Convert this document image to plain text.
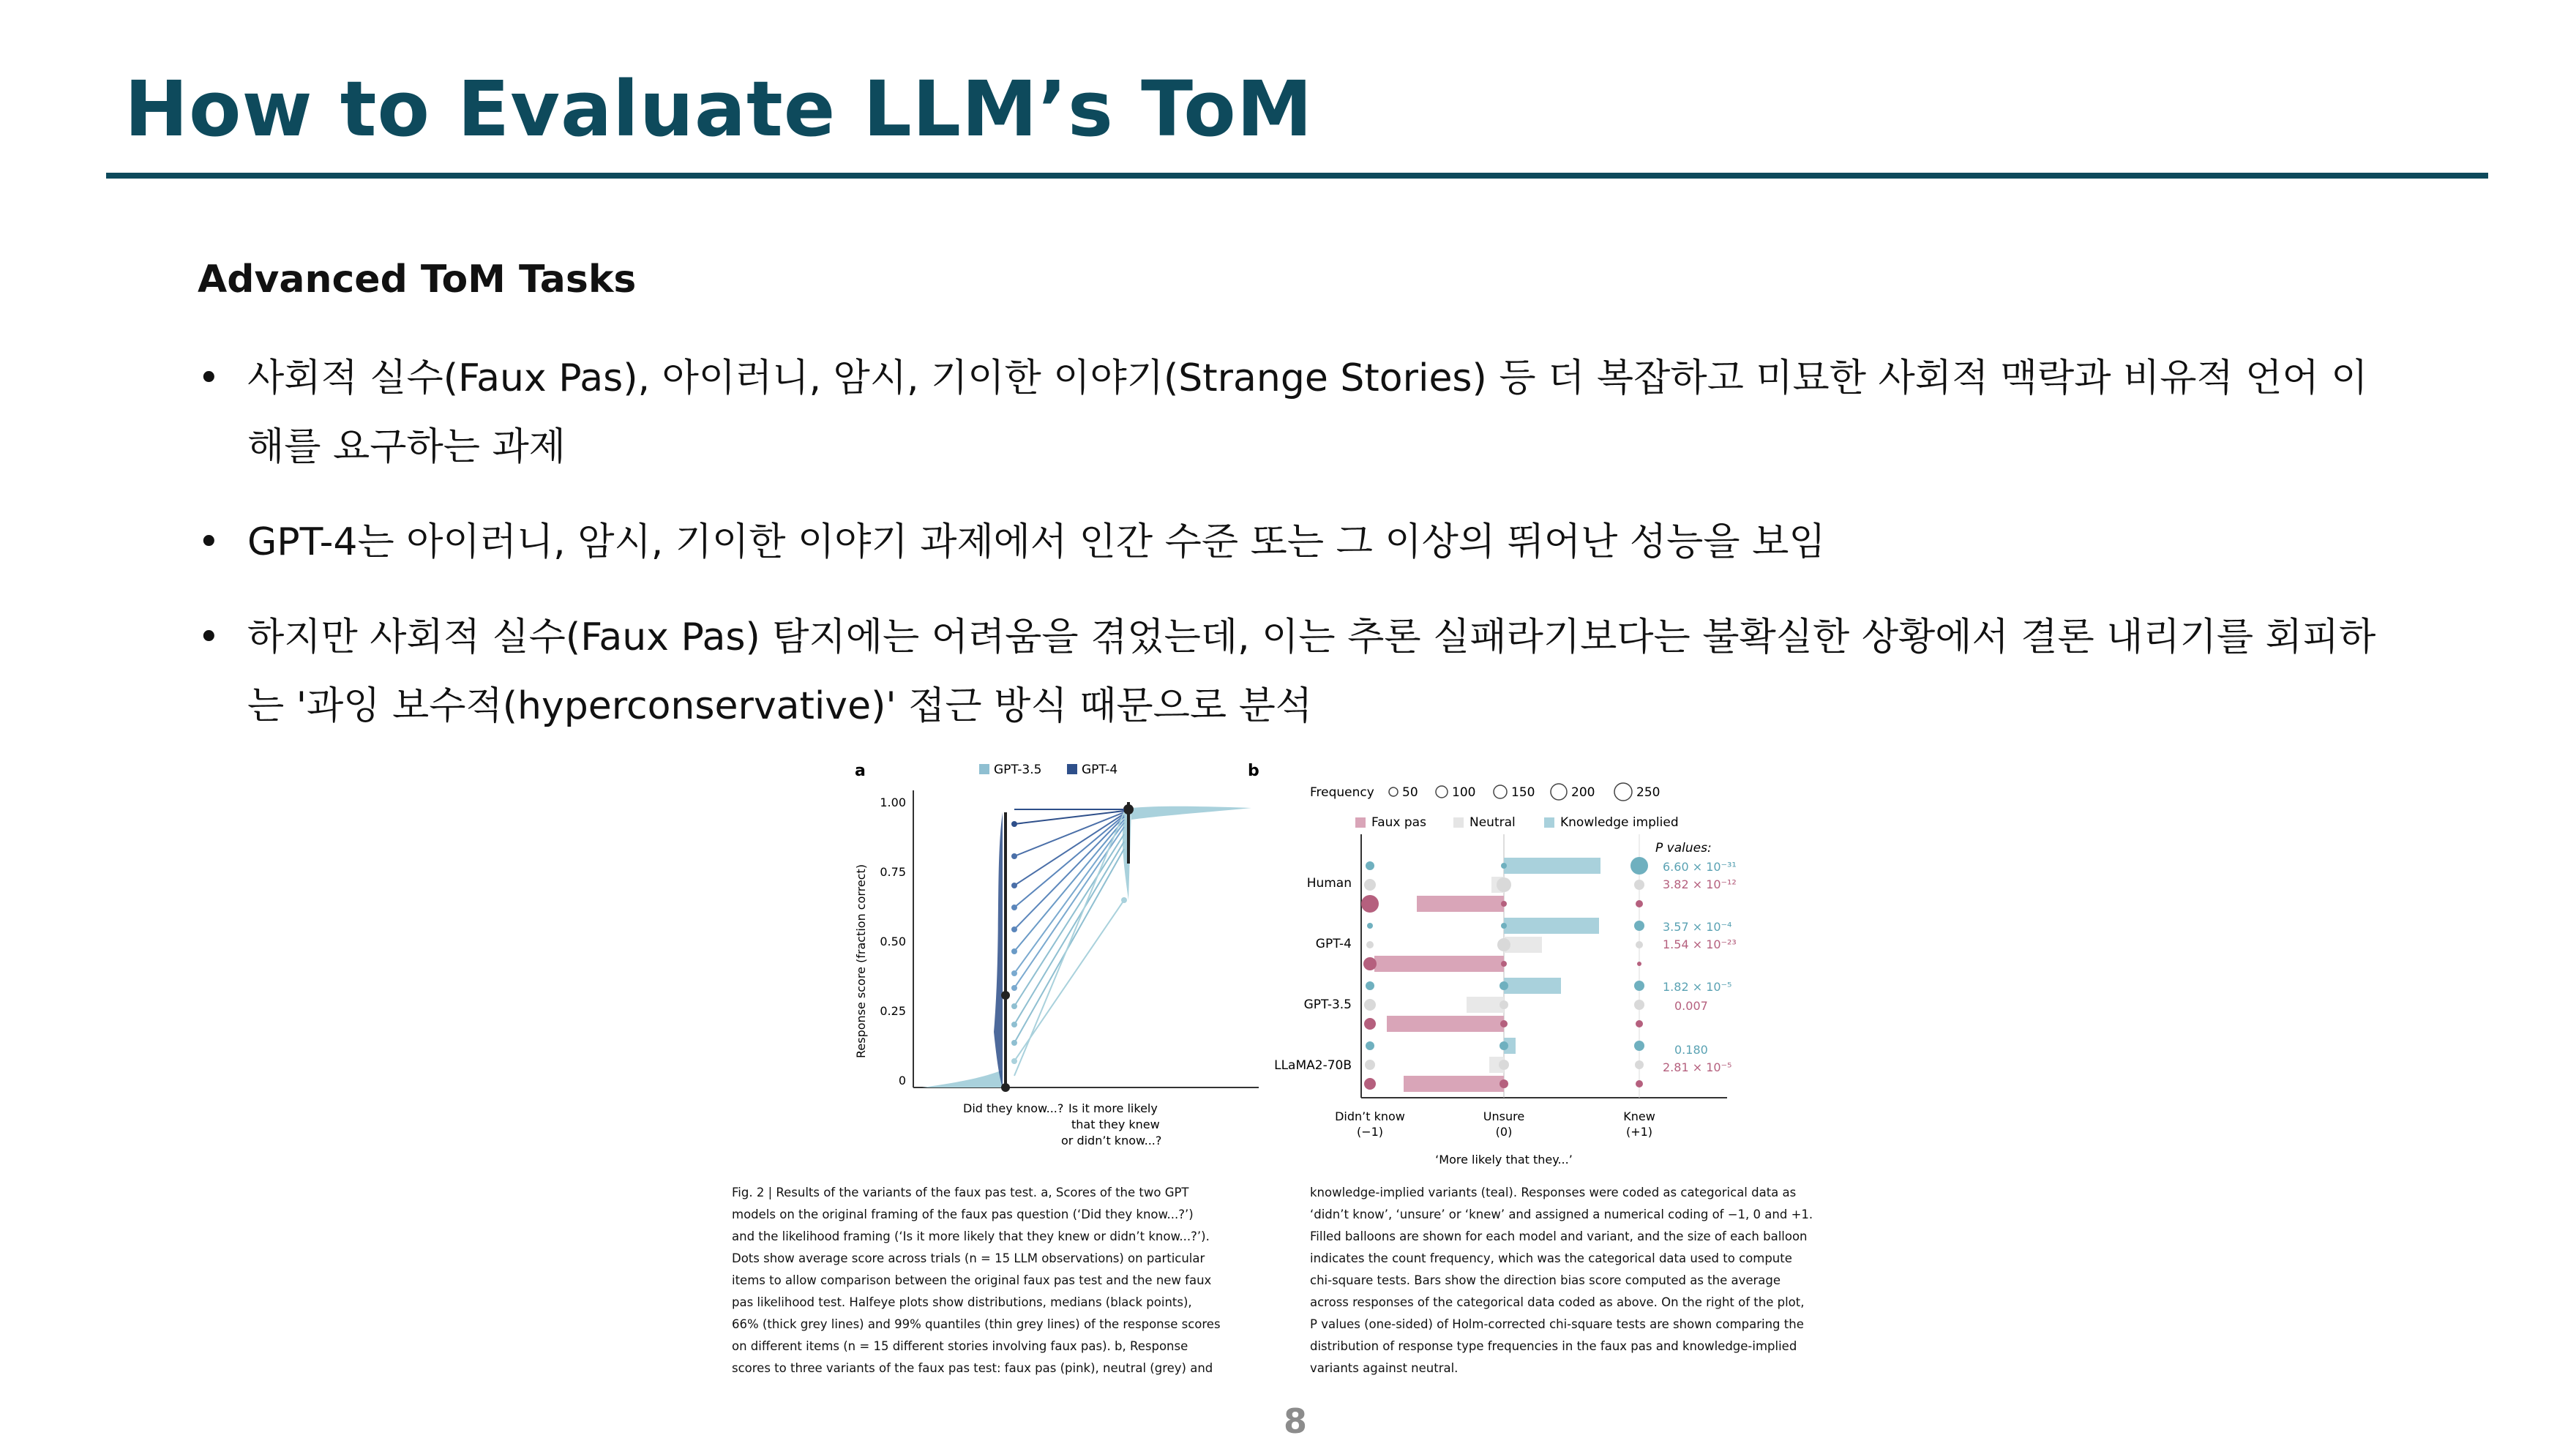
How to Evaluate LLM’s ToM
Advanced ToM Tasks
• 사회적 실수(Faux Pas), 아이러니, 암시, 기이한 이야기(Strange Stories) 등 더 복잡하고 미묘한 사회적 맥락과 비유적 언어 이해를 요구하는 과제
• GPT-4는 아이러니, 암시, 기이한 이야기 과제에서 인간 수준 또는 그 이상의 뛰어난 성능을 보임
• 하지만 사회적 실수(Faux Pas) 탐지에는 어려움을 겪었는데, 이는 추론 실패라기보다는 불확실한 상황에서 결론 내리기를 회피하는 '과잉 보수적(hyperconservative)' 접근 방식 때문으로 분석
a	GPT-3.5	GPT-4
1.00
0.75
0.50
0.25
0
Response score (fraction correct)
Did they know...? Is it more likely
that they knew
or didn’t know...?
b
Frequency 50	100	150	200	250
Faux pas	Neutral	Knowledge implied
Human
GPT-4
GPT-3.5
LLaMA2-70B
P values:
6.60 × 10⁻³¹
3.82 × 10⁻¹²
3.57 × 10⁻⁴
1.54 × 10⁻²³
1.82 × 10⁻⁵
0.007
0.180
2.81 × 10⁻⁵
Didn’t know
(−1)
Unsure
(0)
Knew
(+1)
‘More likely that they...’
Fig. 2 | Results of the variants of the faux pas test. a, Scores of the two GPT
models on the original framing of the faux pas question (‘Did they know...?’)
and the likelihood framing (‘Is it more likely that they knew or didn’t know...?’).
Dots show average score across trials (n = 15 LLM observations) on particular
items to allow comparison between the original faux pas test and the new faux
pas likelihood test. Halfeye plots show distributions, medians (black points),
66% (thick grey lines) and 99% quantiles (thin grey lines) of the response scores
on different items (n = 15 different stories involving faux pas). b, Response
scores to three variants of the faux pas test: faux pas (pink), neutral (grey) and
knowledge-implied variants (teal). Responses were coded as categorical data as
‘didn’t know’, ‘unsure’ or ‘knew’ and assigned a numerical coding of −1, 0 and +1.
Filled balloons are shown for each model and variant, and the size of each balloon
indicates the count frequency, which was the categorical data used to compute
chi-square tests. Bars show the direction bias score computed as the average
across responses of the categorical data coded as above. On the right of the plot,
P values (one-sided) of Holm-corrected chi-square tests are shown comparing the
distribution of response type frequencies in the faux pas and knowledge-implied
variants against neutral.
8
